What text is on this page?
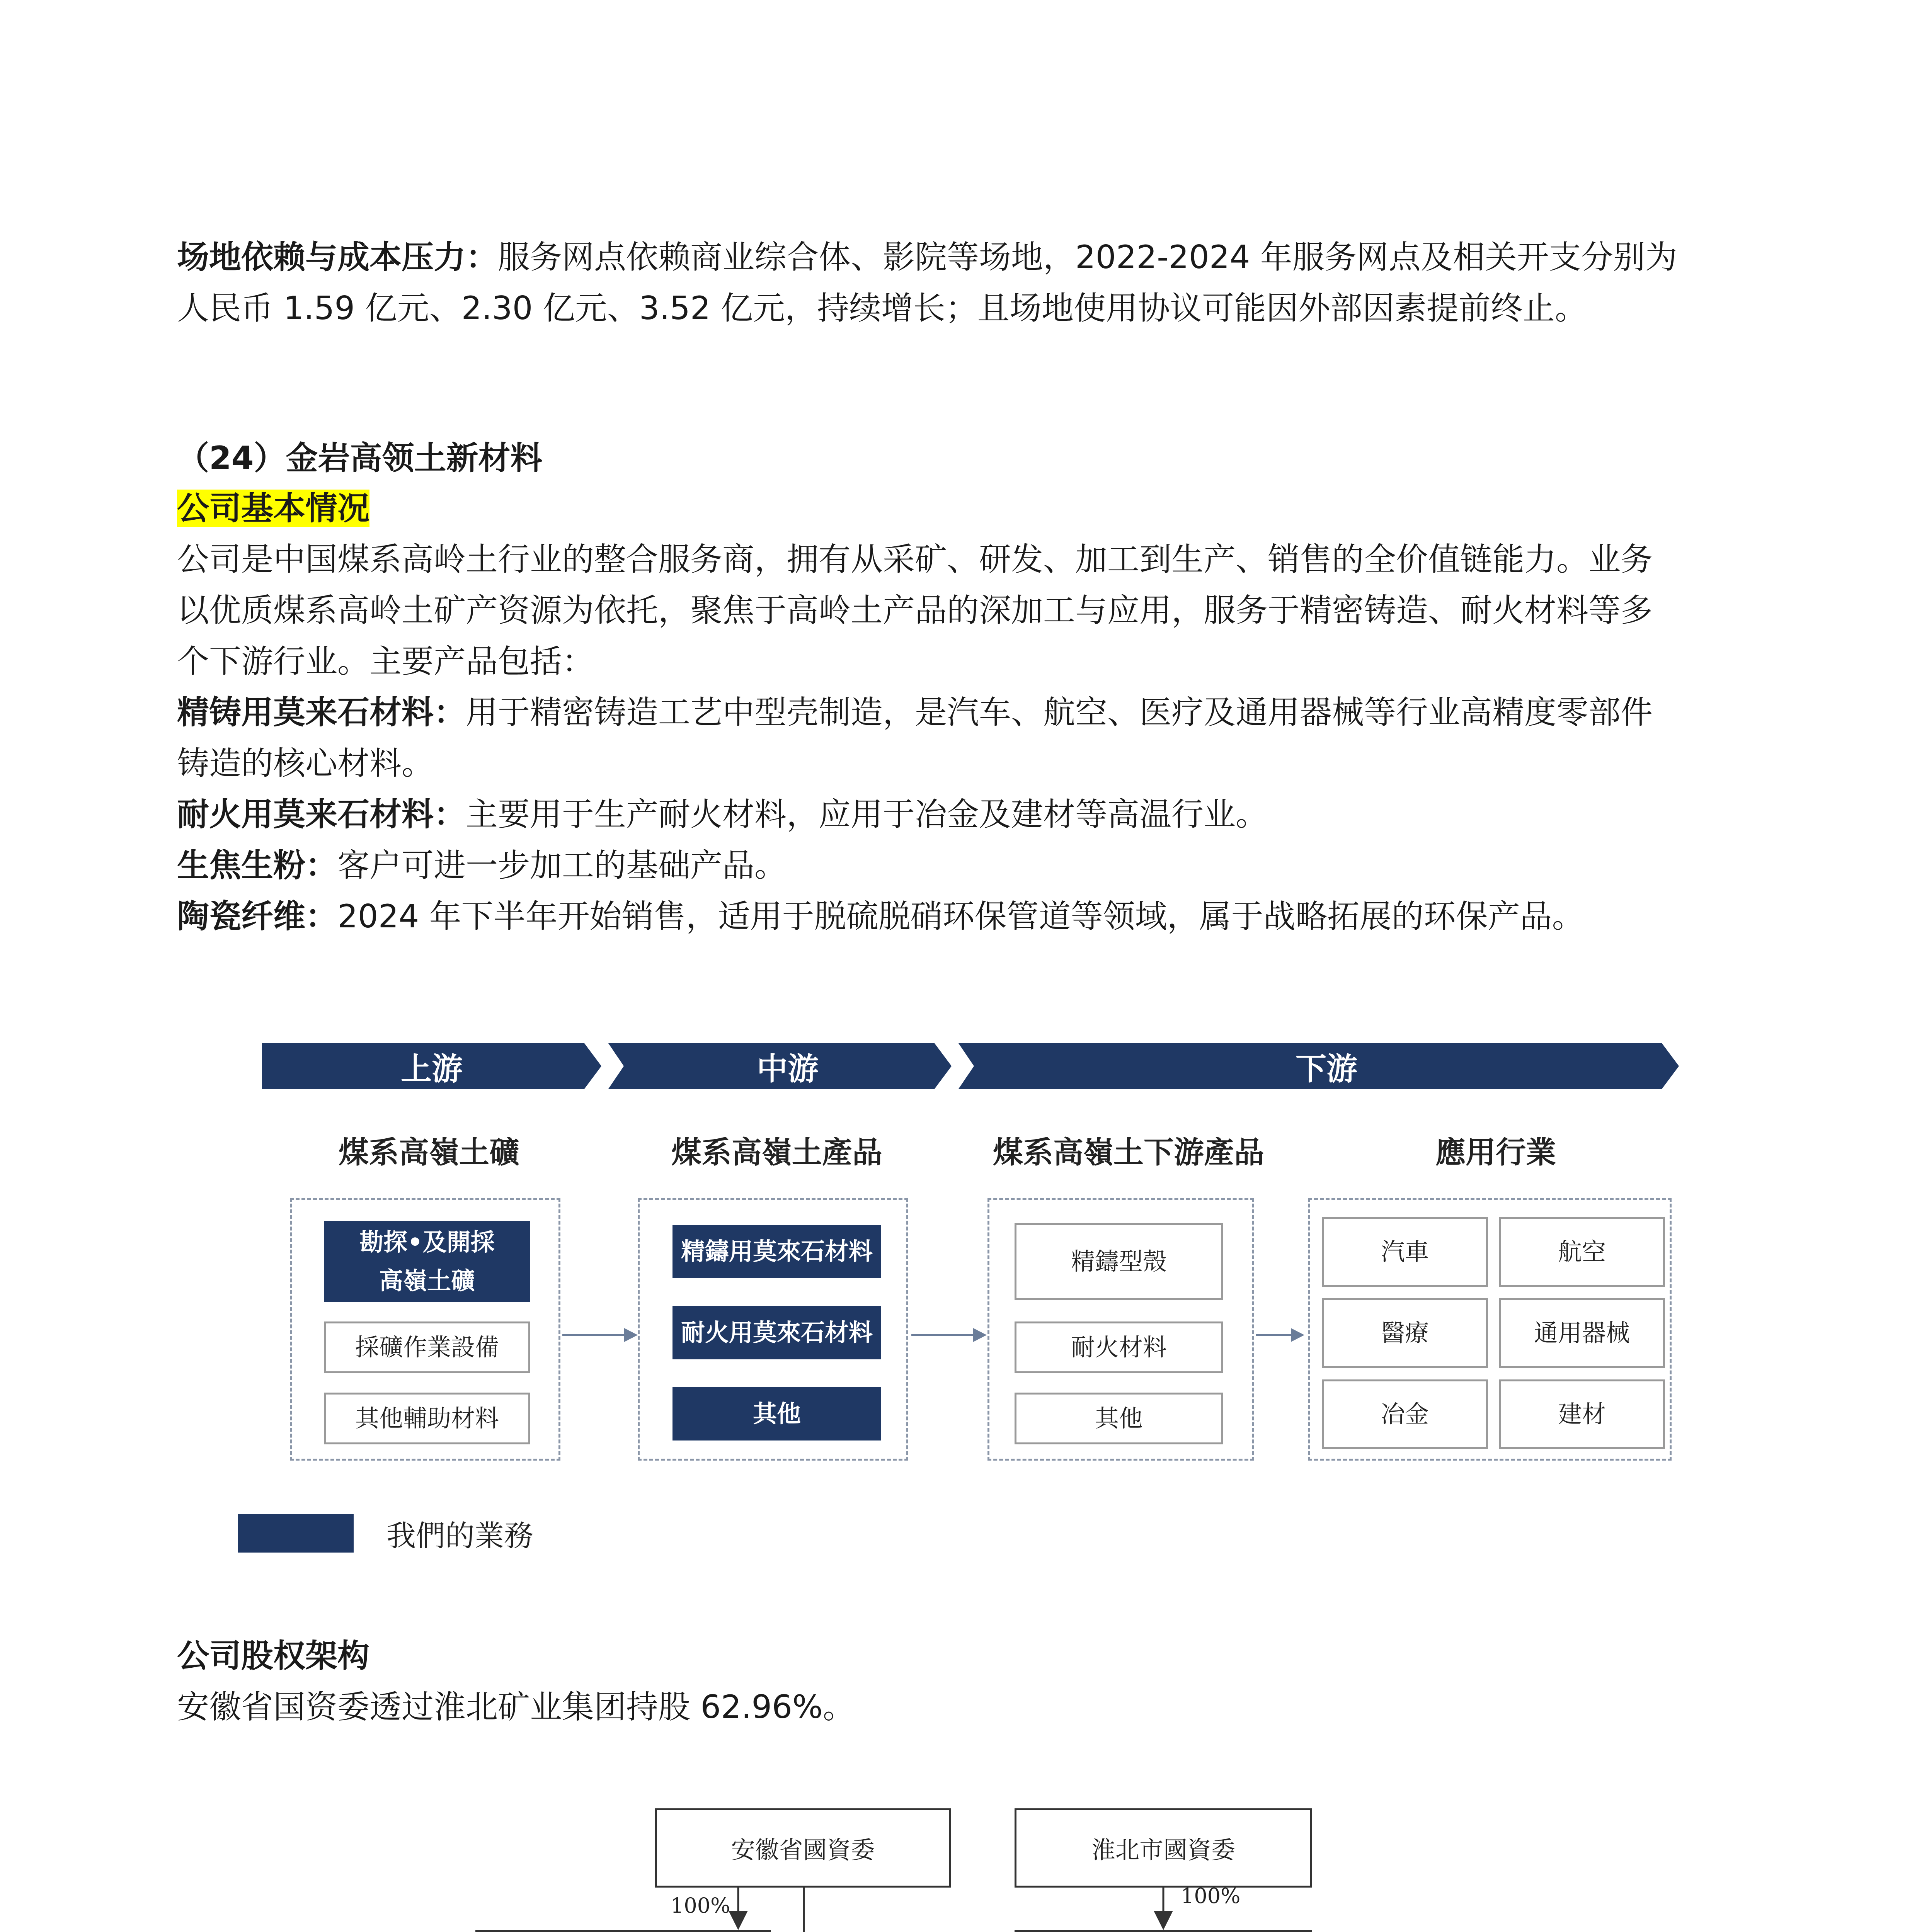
场地依赖与成本压力：服务网点依赖商业综合体、影院等场地，2022-2024 年服务网点及相关开支分别为
人民币 1.59 亿元、2.30 亿元、3.52 亿元，持续增长；且场地使用协议可能因外部因素提前终止。
（24）金岩高领土新材料
公司基本情况
公司是中国煤系高岭土行业的整合服务商，拥有从采矿、研发、加工到生产、销售的全价值链能力。业务
以优质煤系高岭土矿产资源为依托，聚焦于高岭土产品的深加工与应用，服务于精密铸造、耐火材料等多
个下游行业。主要产品包括：
精铸用莫来石材料：用于精密铸造工艺中型壳制造，是汽车、航空、医疗及通用器械等行业高精度零部件
铸造的核心材料。
耐火用莫来石材料：主要用于生产耐火材料，应用于冶金及建材等高温行业。
生焦生粉：客户可进一步加工的基础产品。
陶瓷纤维：2024 年下半年开始销售，适用于脱硫脱硝环保管道等领域，属于战略拓展的环保产品。
上游	中游	下游
煤系高嶺土礦	煤系高嶺土產品	煤系高嶺土下游產品	應用行業
勘探•及開採
高嶺土礦
採礦作業設備
其他輔助材料
精鑄用莫來石材料
耐火用莫來石材料
其他
精鑄型殼
耐火材料
其他
汽車	航空
醫療	通用器械
冶金	建材
我們的業務
公司股权架构
安徽省国资委透过淮北矿业集团持股 62.96%。
安徽省國資委	淮北市國資委
100%	100%
